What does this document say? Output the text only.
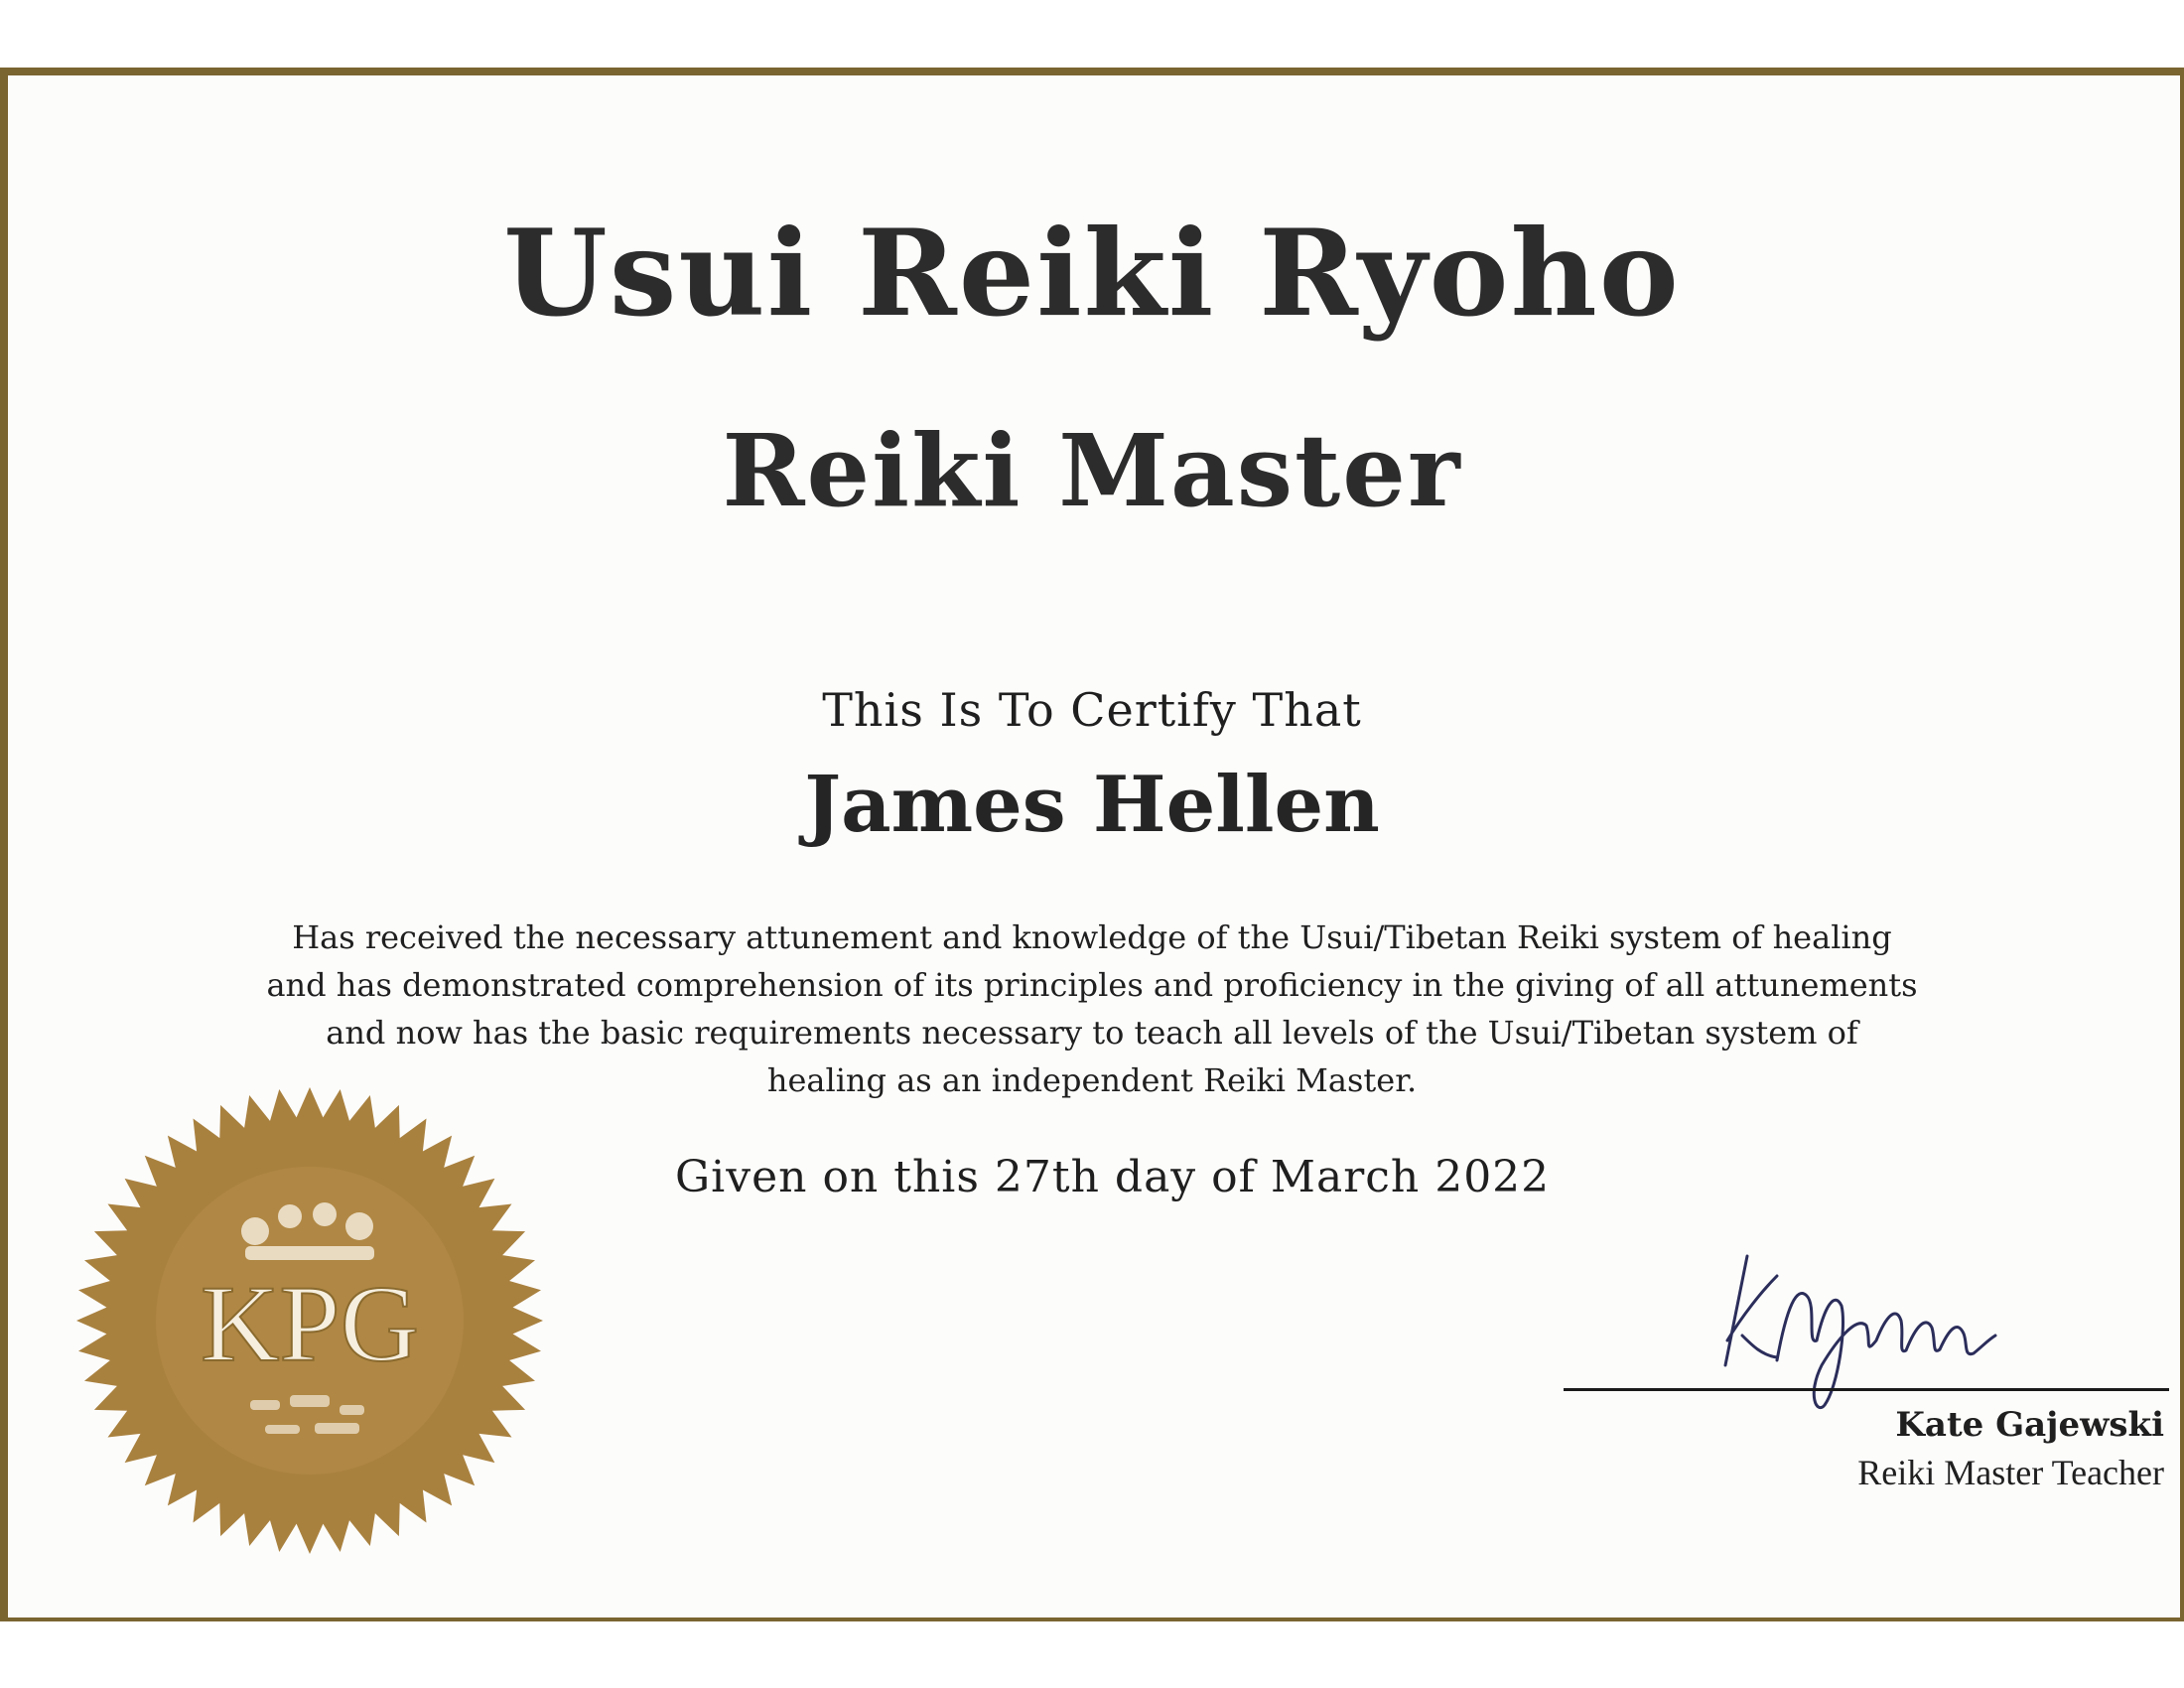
Usui Reiki Ryoho
Reiki Master
This Is To Certify That
James Hellen
Has received the necessary attunement and knowledge of the Usui/Tibetan Reiki system of healing
and has demonstrated comprehension of its principles and proficiency in the giving of all attunements
and now has the basic requirements necessary to teach all levels of the Usui/Tibetan system of
healing as an independent Reiki Master.
Given on this 27th day of March 2022
KPG
Kate Gajewski
Reiki Master Teacher
